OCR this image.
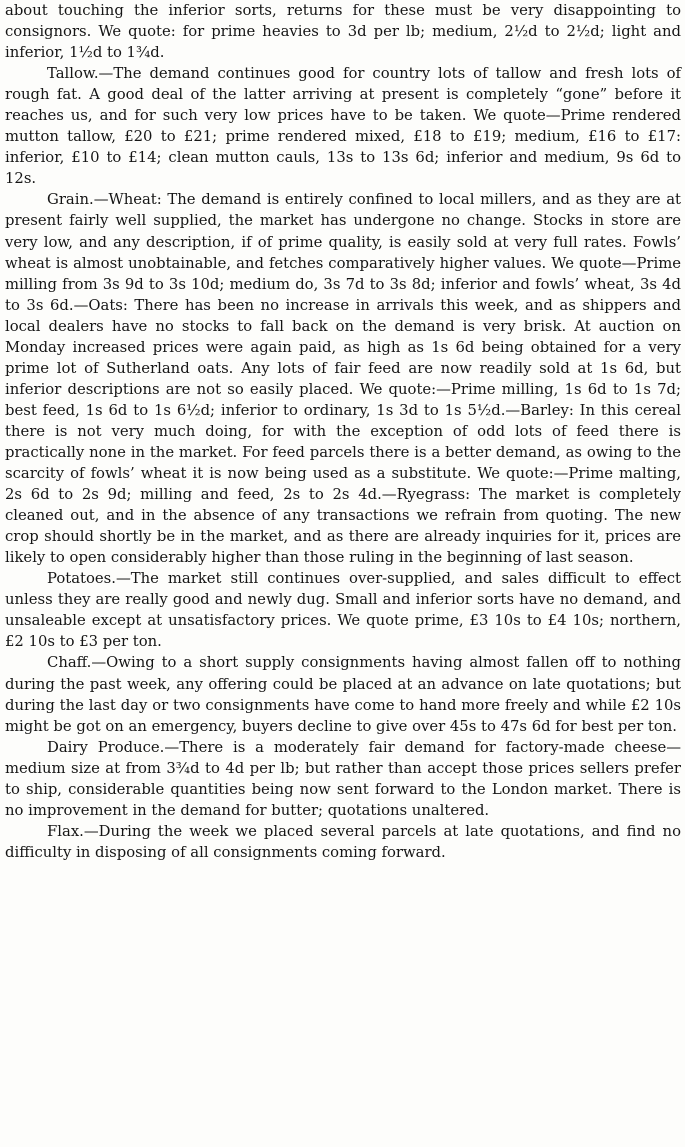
about touching the inferior sorts, returns for these must be very disappointing to consignors. We quote: for prime heavies to 3d per lb; medium, 2½d to 2½d; light and inferior, 1½d to 1¾d.

Tallow.—The demand continues good for country lots of tallow and fresh lots of rough fat. A good deal of the latter arriving at present is completely “gone” before it reaches us, and for such very low prices have to be taken. We quote—Prime rendered mutton tallow, £20 to £21; prime rendered mixed, £18 to £19; medium, £16 to £17: inferior, £10 to £14; clean mutton cauls, 13s to 13s 6d; inferior and medium, 9s 6d to 12s.

Grain.—Wheat: The demand is entirely confined to local millers, and as they are at present fairly well supplied, the market has undergone no change. Stocks in store are very low, and any description, if of prime quality, is easily sold at very full rates. Fowls’ wheat is almost unobtainable, and fetches comparatively higher values. We quote—Prime milling from 3s 9d to 3s 10d; medium do, 3s 7d to 3s 8d; inferior and fowls’ wheat, 3s 4d to 3s 6d.—Oats: There has been no increase in arrivals this week, and as shippers and local dealers have no stocks to fall back on the demand is very brisk. At auction on Monday increased prices were again paid, as high as 1s 6d being obtained for a very prime lot of Sutherland oats. Any lots of fair feed are now readily sold at 1s 6d, but inferior descriptions are not so easily placed. We quote:—Prime milling, 1s 6d to 1s 7d; best feed, 1s 6d to 1s 6½d; inferior to ordinary, 1s 3d to 1s 5½d.—Barley: In this cereal there is not very much doing, for with the exception of odd lots of feed there is practically none in the market. For feed parcels there is a better demand, as owing to the scarcity of fowls’ wheat it is now being used as a substitute. We quote:—Prime malting, 2s 6d to 2s 9d; milling and feed, 2s to 2s 4d.—Ryegrass: The market is completely cleaned out, and in the absence of any transactions we refrain from quoting. The new crop should shortly be in the market, and as there are already inquiries for it, prices are likely to open considerably higher than those ruling in the beginning of last season.

Potatoes.—The market still continues over-supplied, and sales difficult to effect unless they are really good and newly dug. Small and inferior sorts have no demand, and unsaleable except at unsatisfactory prices. We quote prime, £3 10s to £4 10s; northern, £2 10s to £3 per ton.

Chaff.—Owing to a short supply consignments having almost fallen off to nothing during the past week, any offering could be placed at an advance on late quotations; but during the last day or two consignments have come to hand more freely and while £2 10s might be got on an emergency, buyers decline to give over 45s to 47s 6d for best per ton.

Dairy Produce.—There is a moderately fair demand for factory-made cheese—medium size at from 3¾d to 4d per lb; but rather than accept those prices sellers prefer to ship, considerable quantities being now sent forward to the London market. There is no improvement in the demand for butter; quotations unaltered.

Flax.—During the week we placed several parcels at late quotations, and find no difficulty in disposing of all consignments coming forward.
